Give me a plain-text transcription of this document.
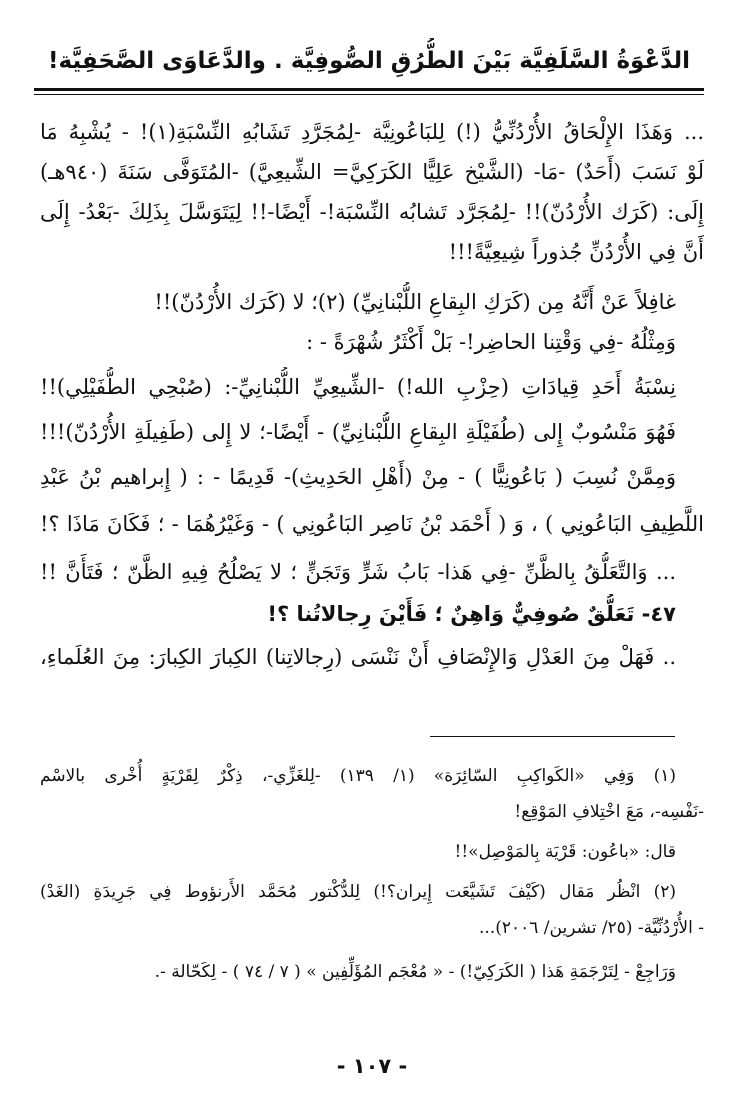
الدَّعْوَةُ السَّلَفِيَّة بَيْنَ الطُّرُقِ الصُّوفِيَّة . والدَّعَاوَى الصَّحَفِيَّة!
... وَهَذَا الإِلْحَاقُ الأُرْدُنِّيُّ (!) لِلبَاعُونِيَّة -لِمُجَرَّدِ تَشَابُهِ النِّسْبَةِ(١)! - يُشْبِهُ مَا
لَوْ نَسَبَ (أَحَدٌ) -مَا- (الشَّيْخ عَلِيًّا الكَرَكِيَّ= الشِّيعِيَّ) -المُتَوَفَّى سَنَةَ (٩٤٠هـ)
إِلَى: (كَرَك الأُرْدُنّ)!! -لِمُجَرَّد تَشابُه النِّسْبَة!- أَيْضًا-!! لِيَتَوَسَّلَ بِذَلِكَ -بَعْدُ- إِلَى
أَنَّ فِي الأُرْدُنِّ جُذوراً شِيعِيَّةً!!!
غافِلاً عَنْ أَنَّهُ مِن (كَرَكِ البِقاعِ اللُّبْنانِيِّ) (٢)؛ لا (كَرَك الأُرْدُنّ)!!
وَمِثْلُهُ -فِي وَقْتِنا الحاضِر!- بَلْ أَكْثَرُ شُهْرَةً - :
نِسْبَةُ أَحَدِ قِيادَاتِ (حِزْبِ الله!) -الشِّيعِيِّ اللُّبْنانِيِّ-: (صُبْحِي الطُّفَيْلِي)!!
فَهُوَ مَنْسُوبٌ إِلى (طُفَيْلَةِ البِقاعِ اللُّبْنانِيِّ) - أَيْضًا-؛ لا إِلى (طَفِيلَةِ الأُرْدُنّ)!!!
وَمِمَّنْ نُسِبَ ( بَاعُونِيًّا ) - مِنْ (أَهْلِ الحَدِيثِ)- قَدِيمًا - : ( إِبراهيم بْنُ عَبْدِ
اللَّطِيفِ البَاعُونِي ) ، وَ ( أَحْمَد بْنُ نَاصِر البَاعُونِي ) - وَغَيْرُهُمَا - ؛ فَكَانَ مَاذَا ؟!
... وَالتَّعَلُّقُ بِالظَّنِّ -فِي هَذا- بَابُ شَرٍّ وَتَجَنٍّ ؛ لا يَصْلُحُ فِيهِ الظَّنّ ؛ فَتَأَنَّ !!
٤٧- تَعَلُّقٌ صُوفِيٌّ وَاهِنٌ ؛ فَأَيْنَ رِجالاتُنا ؟!
.. فَهَلْ مِنَ العَدْلِ وَالإِنْصَافِ أَنْ نَنْسَى (رِجالاتِنا) الكِبارَ الكِبارَ: مِنَ العُلَماءِ،
(١) وَفِي «الكَواكِبِ السّائِرَة» (١/ ١٣٩) -لِلغَزِّي-، ذِكْرٌ لِقَرْيَةٍ أُخْرى بالاسْم
-نَفْسِه-، مَعَ اخْتِلافِ المَوْقِع!
قال: «باعُون: قَرْيَة بِالمَوْصِل»!!
(٢) انْظُر مَقال (كَيْفَ تَشَيَّعَت إِيران؟!) لِلدُّكْتور مُحَمَّد الأَرنؤوط فِي جَرِيدَةِ (الغَدْ)
- الأُرْدُنِّيَّة- (٢٥/ تشرين/ ٢٠٠٦)...
وَرَاجِعْ - لِتَرْجَمَةِ هَذا ( الكَرَكِيّ!) - « مُعْجَم المُؤَلِّفِين » ( ٧ / ٧٤ ) - لِكَحّالة -.
- ١٠٧ -
